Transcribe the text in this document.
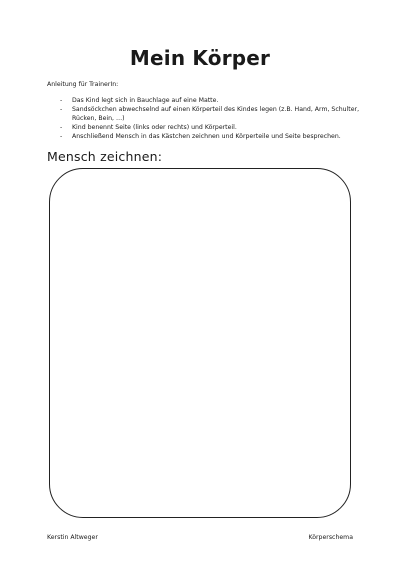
Mein Körper
Anleitung für TrainerIn:
- Das Kind legt sich in Bauchlage auf eine Matte.
- Sandsöckchen abwechselnd auf einen Körperteil des Kindes legen (z.B. Hand, Arm, Schulter, Rücken, Bein, …)
- Kind benennt Seite (links oder rechts) und Körperteil.
- Anschließend Mensch in das Kästchen zeichnen und Körperteile und Seite besprechen.
Mensch zeichnen:
Kerstin Altweger	Körperschema
